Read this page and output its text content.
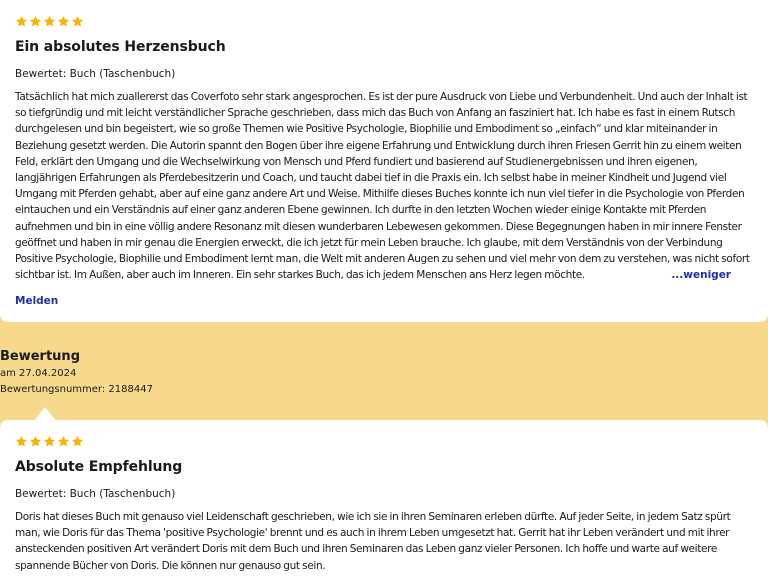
Ein absolutes Herzensbuch
Bewertet: Buch (Taschenbuch)
Tatsächlich hat mich zuallererst das Coverfoto sehr stark angesprochen. Es ist der pure Ausdruck von Liebe und Verbundenheit. Und auch der Inhalt ist so tiefgründig und mit leicht verständlicher Sprache geschrieben, dass mich das Buch von Anfang an fasziniert hat. Ich habe es fast in einem Rutsch durchgelesen und bin begeistert, wie so große Themen wie Positive Psychologie, Biophilie und Embodiment so „einfach“ und klar miteinander in Beziehung gesetzt werden. Die Autorin spannt den Bogen über ihre eigene Erfahrung und Entwicklung durch ihren Friesen Gerrit hin zu einem weiten Feld, erklärt den Umgang und die Wechselwirkung von Mensch und Pferd fundiert und basierend auf Studienergebnissen und ihren eigenen, langjährigen Erfahrungen als Pferdebesitzerin und Coach, und taucht dabei tief in die Praxis ein. Ich selbst habe in meiner Kindheit und Jugend viel Umgang mit Pferden gehabt, aber auf eine ganz andere Art und Weise. Mithilfe dieses Buches konnte ich nun viel tiefer in die Psychologie von Pferden eintauchen und ein Verständnis auf einer ganz anderen Ebene gewinnen. Ich durfte in den letzten Wochen wieder einige Kontakte mit Pferden aufnehmen und bin in eine völlig andere Resonanz mit diesen wunderbaren Lebewesen gekommen. Diese Begegnungen haben in mir innere Fenster geöffnet und haben in mir genau die Energien erweckt, die ich jetzt für mein Leben brauche. Ich glaube, mit dem Verständnis von der Verbindung Positive Psychologie, Biophilie und Embodiment lernt man, die Welt mit anderen Augen zu sehen und viel mehr von dem zu verstehen, was nicht sofort sichtbar ist. Im Außen, aber auch im Inneren. Ein sehr starkes Buch, das ich jedem Menschen ans Herz legen möchte.	...weniger
Melden
Bewertung
am 27.04.2024
Bewertungsnummer: 2188447
Absolute Empfehlung
Bewertet: Buch (Taschenbuch)
Doris hat dieses Buch mit genauso viel Leidenschaft geschrieben, wie ich sie in ihren Seminaren erleben dürfte. Auf jeder Seite, in jedem Satz spürt man, wie Doris für das Thema 'positive Psychologie' brennt und es auch in ihrem Leben umgesetzt hat. Gerrit hat ihr Leben verändert und mit ihrer ansteckenden positiven Art verändert Doris mit dem Buch und ihren Seminaren das Leben ganz vieler Personen. Ich hoffe und warte auf weitere spannende Bücher von Doris. Die können nur genauso gut sein.
